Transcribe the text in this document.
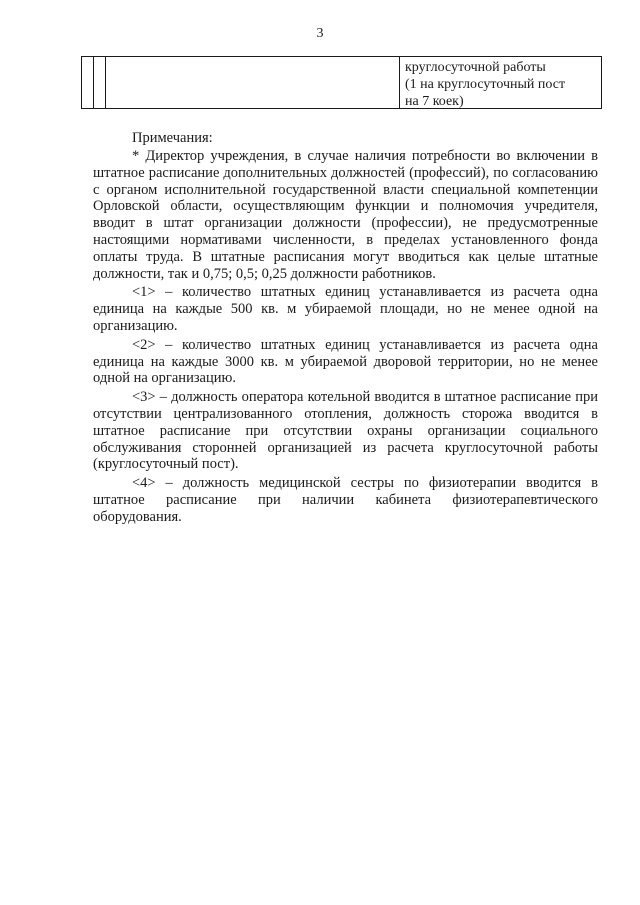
3
круглосуточной работы
(1 на круглосуточный пост
на 7 коек)
Примечания:

* Директор учреждения, в случае наличия потребности во включении в штатное расписание дополнительных должностей (профессий), по согласованию с органом исполнительной государственной власти специальной компетенции Орловской области, осуществляющим функции и полномочия учредителя, вводит в штат организации должности (профессии), не предусмотренные настоящими нормативами численности, в пределах установленного фонда оплаты труда. В штатные расписания могут вводиться как целые штатные должности, так и 0,75; 0,5; 0,25 должности работников.

<1> – количество штатных единиц устанавливается из расчета одна единица на каждые 500 кв. м убираемой площади, но не менее одной на организацию.

<2> – количество штатных единиц устанавливается из расчета одна единица на каждые 3000 кв. м убираемой дворовой территории, но не менее одной на организацию.

<3> – должность оператора котельной вводится в штатное расписание при отсутствии централизованного отопления, должность сторожа вводится в штатное расписание при отсутствии охраны организации социального обслуживания сторонней организацией из расчета круглосуточной работы (круглосуточный пост).

<4> – должность медицинской сестры по физиотерапии вводится в штатное расписание при наличии кабинета физиотерапевтического оборудования.
